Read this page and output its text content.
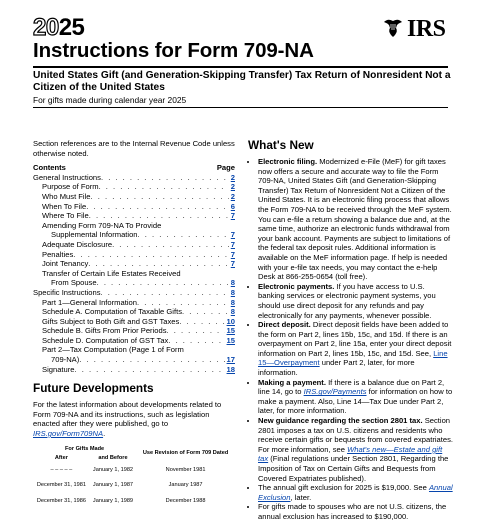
2025	IRS
Instructions for Form 709-NA
United States Gift (and Generation-Skipping Transfer) Tax Return of Nonresident Not a Citizen of the United States
For gifts made during calendar year 2025
Section references are to the Internal Revenue Code unless otherwise noted.
Contents	Page
General Instructions . . .	2
Purpose of Form . . .	2
Who Must File . . .	2
When To File . . .	6
Where To File . . .	7
Amending Form 709-NA To Provide
Supplemental Information . . .	7
Adequate Disclosure . . .	7
Penalties . . .	7
Joint Tenancy . . .	7
Transfer of Certain Life Estates Received
From Spouse . . .	8
Specific Instructions . . .	8
Part 1—General Information . . .	8
Schedule A. Computation of Taxable Gifts . . .	8
Gifts Subject to Both Gift and GST Taxes . . .	10
Schedule B. Gifts From Prior Periods . . .	15
Schedule D. Computation of GST Tax . . .	15
Part 2—Tax Computation (Page 1 of Form
709-NA) . . .	17
Signature . . .	18
Future Developments
For the latest information about developments related to Form 709-NA and its instructions, such as legislation enacted after they were published, go to IRS.gov/Form709NA.
For Gifts Made		Use Revision of Form 709 Dated
After	and Before	
– – – – –	January 1, 1982	November 1981
December 31, 1981	January 1, 1987	January 1987
December 31, 1986	January 1, 1989	December 1988
What's New
• Electronic filing. Modernized e-File (MeF) for gift taxes now offers a secure and accurate way to file the Form 709-NA, United States Gift (and Generation-Skipping Transfer) Tax Return of Nonresident Not a Citizen of the United States. It is an electronic filing process that allows the Form 709-NA to be received through the MeF system. You can e-file a return showing a balance due and, at the same time, authorize an electronic funds withdrawal from your bank account. Payments are subject to limitations of the federal tax deposit rules. Additional information is available on the MeF information page. If help is needed with your e-file tax needs, you may contact the e-help Desk at 866-255-0654 (toll free).
• Electronic payments. If you have access to U.S. banking services or electronic payment systems, you should use direct deposit for any refunds and pay electronically for any payments, whenever possible.
• Direct deposit. Direct deposit fields have been added to the form on Part 2, lines 15b, 15c, and 15d. If there is an overpayment on Part 2, line 15a, enter your direct deposit information on Part 2, lines 15b, 15c, and 15d. See, Line 15—Overpayment under Part 2, later, for more information.
• Making a payment. If there is a balance due on Part 2, line 14, go to IRS.gov/Payments for information on how to make a payment. Also, Line 14—Tax Due under Part 2, later, for more information.
• New guidance regarding the section 2801 tax. Section 2801 imposes a tax on U.S. citizens and residents who receive certain gifts or bequests from covered expatriates. For more information, see What's new—Estate and gift tax (Final regulations under Section 2801, Regarding the Imposition of Tax on Certain Gifts and Bequests from Covered Expatriates published).
• The annual gift exclusion for 2025 is $19,000. See Annual Exclusion, later.
• For gifts made to spouses who are not U.S. citizens, the annual exclusion has increased to $190,000.
